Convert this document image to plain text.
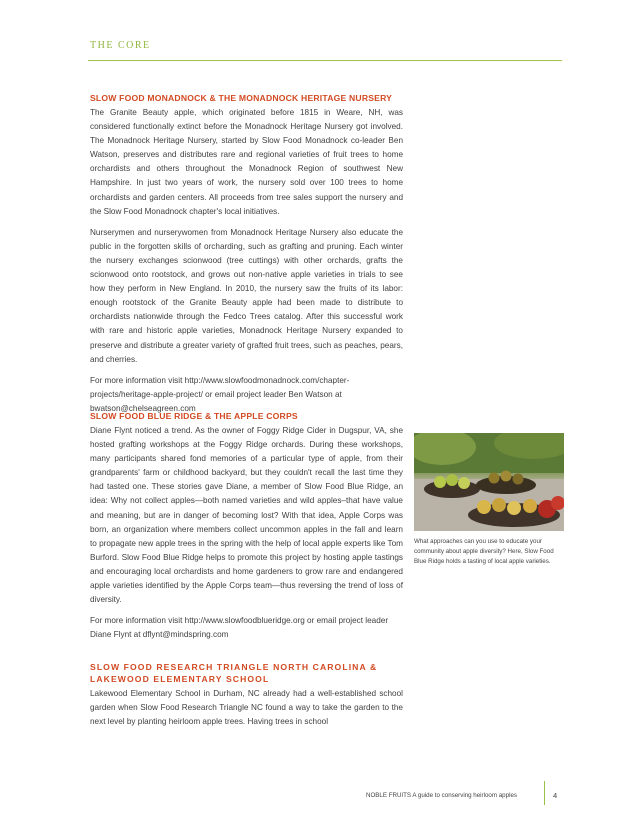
THE CORE
SLOW FOOD MONADNOCK & THE MONADNOCK HERITAGE NURSERY

The Granite Beauty apple, which originated before 1815 in Weare, NH, was considered functionally extinct before the Monadnock Heritage Nursery got involved. The Monadnock Heritage Nursery, started by Slow Food Monadnock co-leader Ben Watson, preserves and distributes rare and regional varieties of fruit trees to home orchardists and others throughout the Monadnock Region of southwest New Hampshire. In just two years of work, the nursery sold over 100 trees to home orchardists and garden centers. All proceeds from tree sales support the nursery and the Slow Food Monadnock chapter's local initiatives.

Nurserymen and nurserywomen from Monadnock Heritage Nursery also educate the public in the forgotten skills of orcharding, such as grafting and pruning. Each winter the nursery exchanges scionwood (tree cuttings) with other orchards, grafts the scionwood onto rootstock, and grows out non-native apple varieties in trials to see how they perform in New England. In 2010, the nursery saw the fruits of its labor: enough rootstock of the Granite Beauty apple had been made to distribute to orchardists nationwide through the Fedco Trees catalog. After this successful work with rare and historic apple varieties, Monadnock Heritage Nursery expanded to preserve and distribute a greater variety of grafted fruit trees, such as peaches, pears, and cherries.

For more information visit http://www.slowfoodmonadnock.com/chapter-projects/heritage-apple-project/ or email project leader Ben Watson at bwatson@chelseagreen.com

SLOW FOOD BLUE RIDGE & THE APPLE CORPS

Diane Flynt noticed a trend. As the owner of Foggy Ridge Cider in Dugspur, VA, she hosted grafting workshops at the Foggy Ridge orchards. During these workshops, many participants shared fond memories of a particular type of apple, from their grandparents' farm or childhood backyard, but they couldn't recall the last time they had tasted one. These stories gave Diane, a member of Slow Food Blue Ridge, an idea: Why not collect apples—both named varieties and wild apples–that have value and meaning, but are in danger of becoming lost? With that idea, Apple Corps was born, an organization where members collect uncommon apples in the fall and learn to propagate new apple trees in the spring with the help of local apple experts like Tom Burford. Slow Food Blue Ridge helps to promote this project by hosting apple tastings and encouraging local orchardists and home gardeners to grow rare and endangered apple varieties identified by the Apple Corps team—thus reversing the trend of loss of diversity.

For more information visit http://www.slowfoodblueridge.org or email project leader Diane Flynt at dflynt@mindspring.com

SLOW FOOD RESEARCH TRIANGLE NORTH CAROLINA & LAKEWOOD ELEMENTARY SCHOOL

Lakewood Elementary School in Durham, NC already had a well-established school garden when Slow Food Research Triangle NC found a way to take the garden to the next level by planting heirloom apple trees. Having trees in school

What approaches can you use to educate your community about apple diversity? Here, Slow Food Blue Ridge holds a tasting of local apple varieties.
NOBLE FRUITS A guide to conserving heirloom apples	4
